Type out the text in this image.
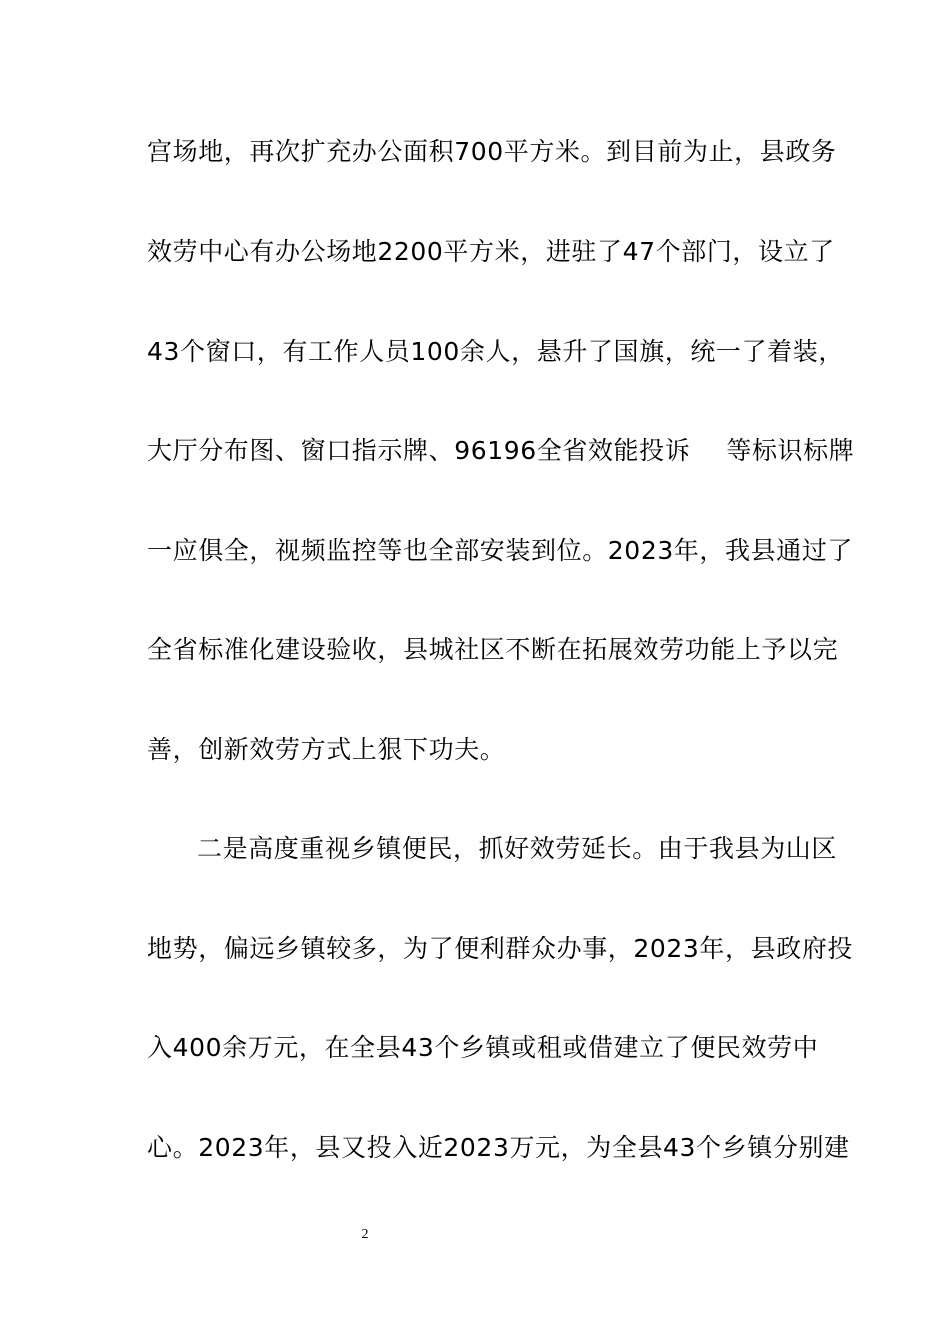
宫场地，再次扩充办公面积700平方米。到目前为止，县政务
效劳中心有办公场地2200平方米，进驻了47个部门，设立了
43个窗口，有工作人员100余人，悬升了国旗，统一了着装，
大厅分布图、窗口指示牌、96196全省效能投诉 等标识标牌
一应俱全，视频监控等也全部安装到位。2023年，我县通过了
全省标准化建设验收，县城社区不断在拓展效劳功能上予以完
善，创新效劳方式上狠下功夫。
二是高度重视乡镇便民，抓好效劳延长。由于我县为山区
地势，偏远乡镇较多，为了便利群众办事，2023年，县政府投
入400余万元，在全县43个乡镇或租或借建立了便民效劳中
心。2023年，县又投入近2023万元，为全县43个乡镇分别建
2
